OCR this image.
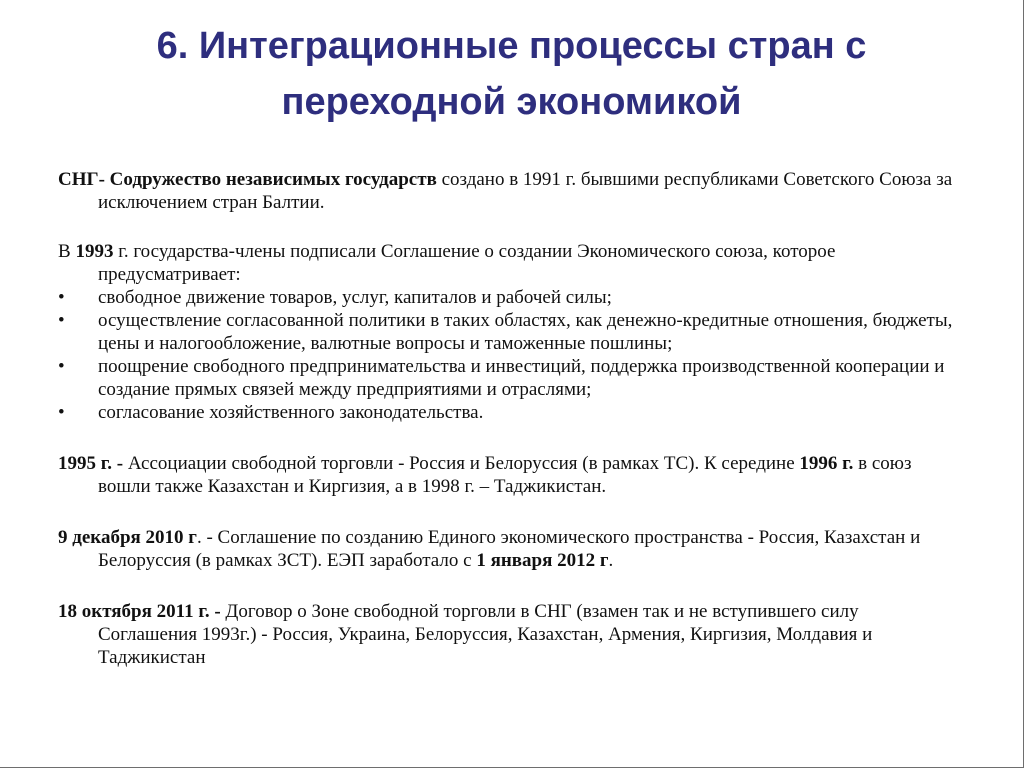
6. Интеграционные процессы стран с
переходной экономикой

СНГ- Содружество независимых государств создано в 1991 г. бывшими республиками Советского Союза за исключением стран Балтии.

В 1993 г. государства-члены подписали Соглашение о создании Экономического союза, которое предусматривает:

• свободное движение товаров, услуг, капиталов и рабочей силы;

• осуществление согласованной политики в таких областях, как денежно-кредитные отношения, бюджеты, цены и налогообложение, валютные вопросы и таможенные пошлины;

• поощрение свободного предпринимательства и инвестиций, поддержка производственной кооперации и создание прямых связей между предприятиями и отраслями;

• согласование хозяйственного законодательства.

1995 г. - Ассоциации свободной торговли - Россия и Белоруссия (в рамках ТС). К середине 1996 г. в союз вошли также Казахстан и Киргизия, а в 1998 г. – Таджикистан.

9 декабря 2010 г. - Соглашение по созданию Единого экономического пространства - Россия, Казахстан и Белоруссия (в рамках ЗСТ). ЕЭП заработало с 1 января 2012 г.

18 октября 2011 г. - Договор о Зоне свободной торговли в СНГ (взамен так и не вступившего силу Соглашения 1993г.) - Россия, Украина, Белоруссия, Казахстан, Армения, Киргизия, Молдавия и Таджикистан
